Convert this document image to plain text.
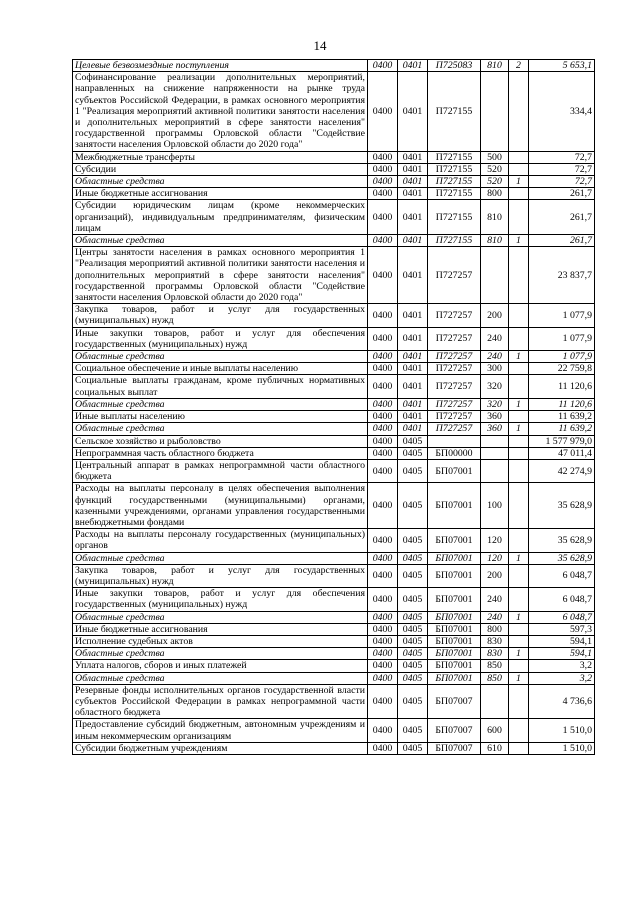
14
Целевые безвозмездные поступления	0400	0401	П725083	810	2	5 653,1
Софинансирование реализации дополнительных мероприятий, направленных на снижение напряженности на рынке труда субъектов Российской Федерации, в рамках основного мероприятия 1 "Реализация мероприятий активной политики занятости населения и дополнительных мероприятий в сфере занятости населения" государственной программы Орловской области "Содействие занятости населения Орловской области до 2020 года"	0400	0401	П727155			334,4
Межбюджетные трансферты	0400	0401	П727155	500		72,7
Субсидии	0400	0401	П727155	520		72,7
Областные средства	0400	0401	П727155	520	1	72,7
Иные бюджетные ассигнования	0400	0401	П727155	800		261,7
Субсидии юридическим лицам (кроме некоммерческих организаций), индивидуальным предпринимателям, физическим лицам	0400	0401	П727155	810		261,7
Областные средства	0400	0401	П727155	810	1	261,7
Центры занятости населения в рамках основного мероприятия 1 "Реализация мероприятий активной политики занятости населения и дополнительных мероприятий в сфере занятости населения" государственной программы Орловской области "Содействие занятости населения Орловской области до 2020 года"	0400	0401	П727257			23 837,7
Закупка товаров, работ и услуг для государственных (муниципальных) нужд	0400	0401	П727257	200		1 077,9
Иные закупки товаров, работ и услуг для обеспечения государственных (муниципальных) нужд	0400	0401	П727257	240		1 077,9
Областные средства	0400	0401	П727257	240	1	1 077,9
Социальное обеспечение и иные выплаты населению	0400	0401	П727257	300		22 759,8
Социальные выплаты гражданам, кроме публичных нормативных социальных выплат	0400	0401	П727257	320		11 120,6
Областные средства	0400	0401	П727257	320	1	11 120,6
Иные выплаты населению	0400	0401	П727257	360		11 639,2
Областные средства	0400	0401	П727257	360	1	11 639,2
Сельское хозяйство и рыболовство	0400	0405				1 577 979,0
Непрограммная часть областного бюджета	0400	0405	БП00000			47 011,4
Центральный аппарат в рамках непрограммной части областного бюджета	0400	0405	БП07001			42 274,9
Расходы на выплаты персоналу в целях обеспечения выполнения функций государственными (муниципальными) органами, казенными учреждениями, органами управления государственными внебюджетными фондами	0400	0405	БП07001	100		35 628,9
Расходы на выплаты персоналу государственных (муниципальных) органов	0400	0405	БП07001	120		35 628,9
Областные средства	0400	0405	БП07001	120	1	35 628,9
Закупка товаров, работ и услуг для государственных (муниципальных) нужд	0400	0405	БП07001	200		6 048,7
Иные закупки товаров, работ и услуг для обеспечения государственных (муниципальных) нужд	0400	0405	БП07001	240		6 048,7
Областные средства	0400	0405	БП07001	240	1	6 048,7
Иные бюджетные ассигнования	0400	0405	БП07001	800		597,3
Исполнение судебных актов	0400	0405	БП07001	830		594,1
Областные средства	0400	0405	БП07001	830	1	594,1
Уплата налогов, сборов и иных платежей	0400	0405	БП07001	850		3,2
Областные средства	0400	0405	БП07001	850	1	3,2
Резервные фонды исполнительных органов государственной власти субъектов Российской Федерации в рамках непрограммной части областного бюджета	0400	0405	БП07007			4 736,6
Предоставление субсидий бюджетным, автономным учреждениям и иным некоммерческим организациям	0400	0405	БП07007	600		1 510,0
Субсидии бюджетным учреждениям	0400	0405	БП07007	610		1 510,0
